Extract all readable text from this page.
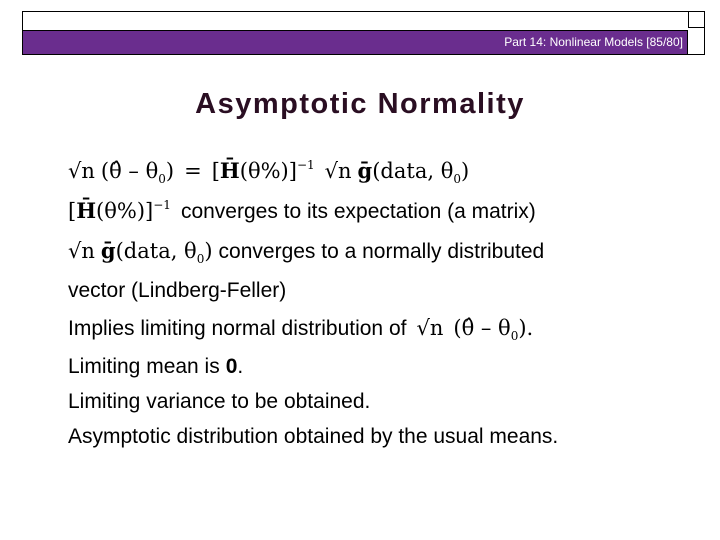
Part 14: Nonlinear Models [85/80]
Asymptotic Normality
√n (θ̂ – $\theta_0$) = [H̄(θ%)]$^{-1}$ √n ḡ(data, $\theta_0$)
[H̄(θ%)]$^{-1}$ converges to its expectation (a matrix)
√n ḡ(data, $\theta_0$) converges to a normally distributed
vector (Lindberg-Feller)
Implies limiting normal distribution of √n (θ̂ – $\theta_0$).
Limiting mean is 0.
Limiting variance to be obtained.
Asymptotic distribution obtained by the usual means.
